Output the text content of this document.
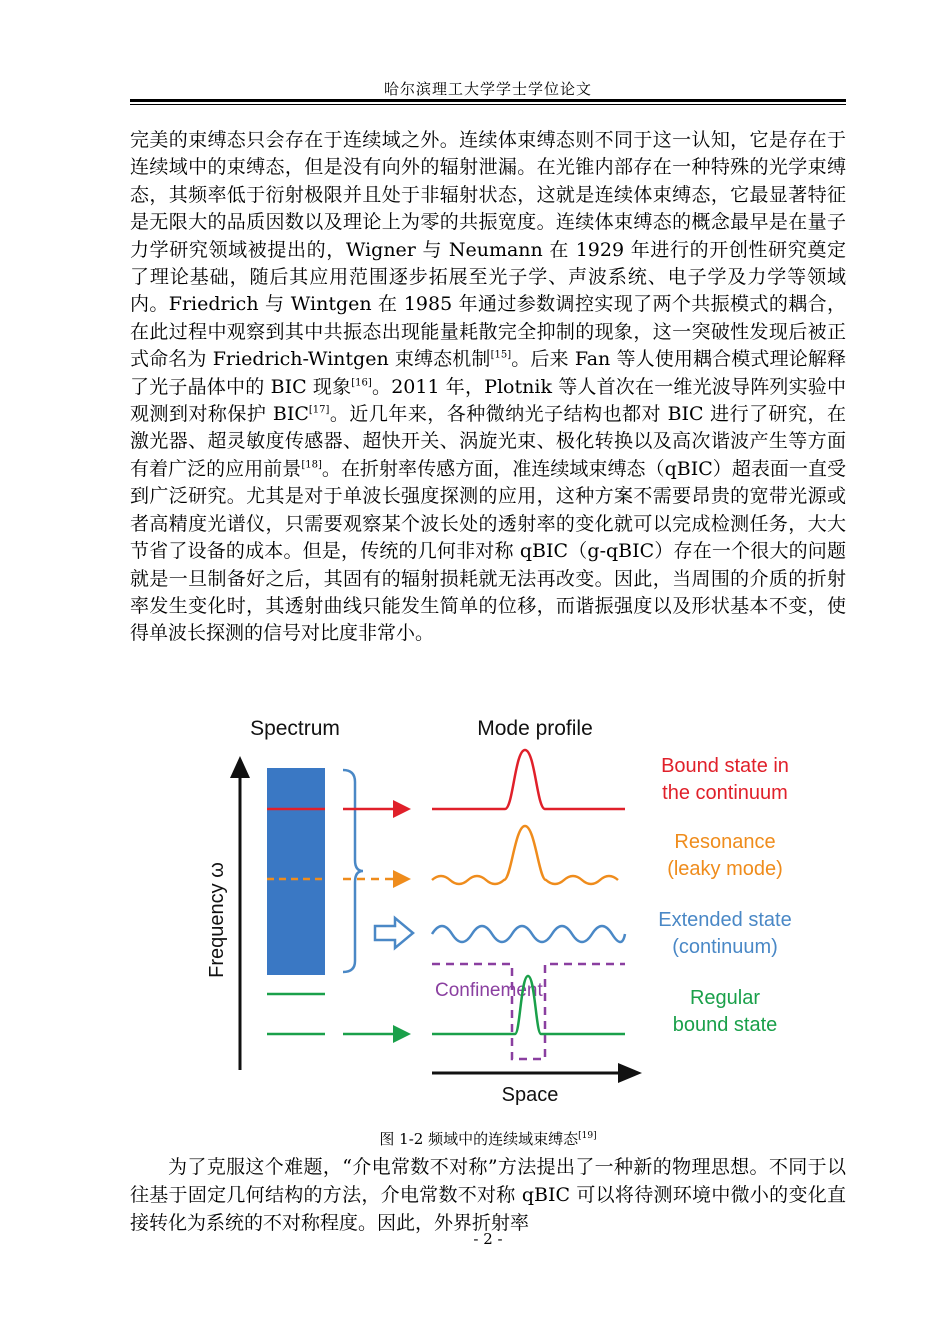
哈尔滨理工大学学士学位论文

完美的束缚态只会存在于连续域之外。连续体束缚态则不同于这一认知，它是存在于连续域中的束缚态，但是没有向外的辐射泄漏。在光锥内部存在一种特殊的光学束缚态，其频率低于衍射极限并且处于非辐射状态，这就是连续体束缚态，它最显著特征是无限大的品质因数以及理论上为零的共振宽度。连续体束缚态的概念最早是在量子力学研究领域被提出的，Wigner 与 Neumann 在 1929 年进行的开创性研究奠定了理论基础，随后其应用范围逐步拓展至光子学、声波系统、电子学及力学等领域内。Friedrich 与 Wintgen 在 1985 年通过参数调控实现了两个共振模式的耦合，在此过程中观察到其中共振态出现能量耗散完全抑制的现象，这一突破性发现后被正式命名为 Friedrich-Wintgen 束缚态机制[15]。后来 Fan 等人使用耦合模式理论解释了光子晶体中的 BIC 现象[16]。2011 年，Plotnik 等人首次在一维光波导阵列实验中观测到对称保护 BIC[17]。近几年来，各种微纳光子结构也都对 BIC 进行了研究，在激光器、超灵敏度传感器、超快开关、涡旋光束、极化转换以及高次谐波产生等方面有着广泛的应用前景[18]。在折射率传感方面，准连续域束缚态（qBIC）超表面一直受到广泛研究。尤其是对于单波长强度探测的应用，这种方案不需要昂贵的宽带光源或者高精度光谱仪，只需要观察某个波长处的透射率的变化就可以完成检测任务，大大节省了设备的成本。但是，传统的几何非对称 qBIC（g-qBIC）存在一个很大的问题就是一旦制备好之后，其固有的辐射损耗就无法再改变。因此，当周围的介质的折射率发生变化时，其透射曲线只能发生简单的位移，而谐振强度以及形状基本不变，使得单波长探测的信号对比度非常小。

Spectrum	Mode profile
Frequency ω
Space
Confinement
Bound state in
the continuum
Resonance
(leaky mode)
Extended state
(continuum)
Regular
bound state
图 1-2 频域中的连续域束缚态[19]

为了克服这个难题，“介电常数不对称”方法提出了一种新的物理思想。不同于以往基于固定几何结构的方法，介电常数不对称 qBIC 可以将待测环境中微小的变化直接转化为系统的不对称程度。因此，外界折射率

- 2 -
